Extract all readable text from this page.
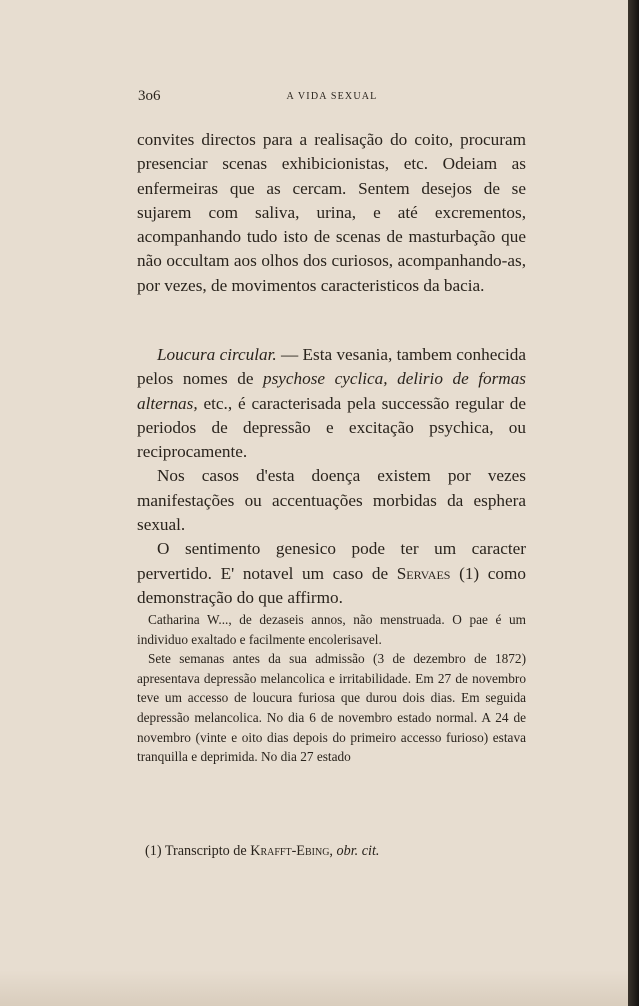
3o6	A VIDA SEXUAL

convites directos para a realisação do coito, procuram presenciar scenas exhibicionistas, etc. Odeiam as enfermeiras que as cercam. Sentem desejos de se sujarem com saliva, urina, e até excrementos, acompanhando tudo isto de scenas de masturbação que não occultam aos olhos dos curiosos, acompanhando-as, por vezes, de movimentos caracteristicos da bacia.

Loucura circular. — Esta vesania, tambem conhecida pelos nomes de psychose cyclica, delirio de formas alternas, etc., é caracterisada pela successão regular de periodos de depressão e excitação psychica, ou reciprocamente.

Nos casos d'esta doença existem por vezes manifestações ou accentuações morbidas da esphera sexual.

O sentimento genesico pode ter um caracter pervertido. E' notavel um caso de Servaes (1) como demonstração do que affirmo.

Catharina W..., de dezaseis annos, não menstruada. O pae é um individuo exaltado e facilmente encolerisavel.

Sete semanas antes da sua admissão (3 de dezembro de 1872) apresentava depressão melancolica e irritabilidade. Em 27 de novembro teve um accesso de loucura furiosa que durou dois dias. Em seguida depressão melancolica. No dia 6 de novembro estado normal. A 24 de novembro (vinte e oito dias depois do primeiro accesso furioso) estava tranquilla e deprimida. No dia 27 estado

(1) Transcripto de Krafft-Ebing, obr. cit.
